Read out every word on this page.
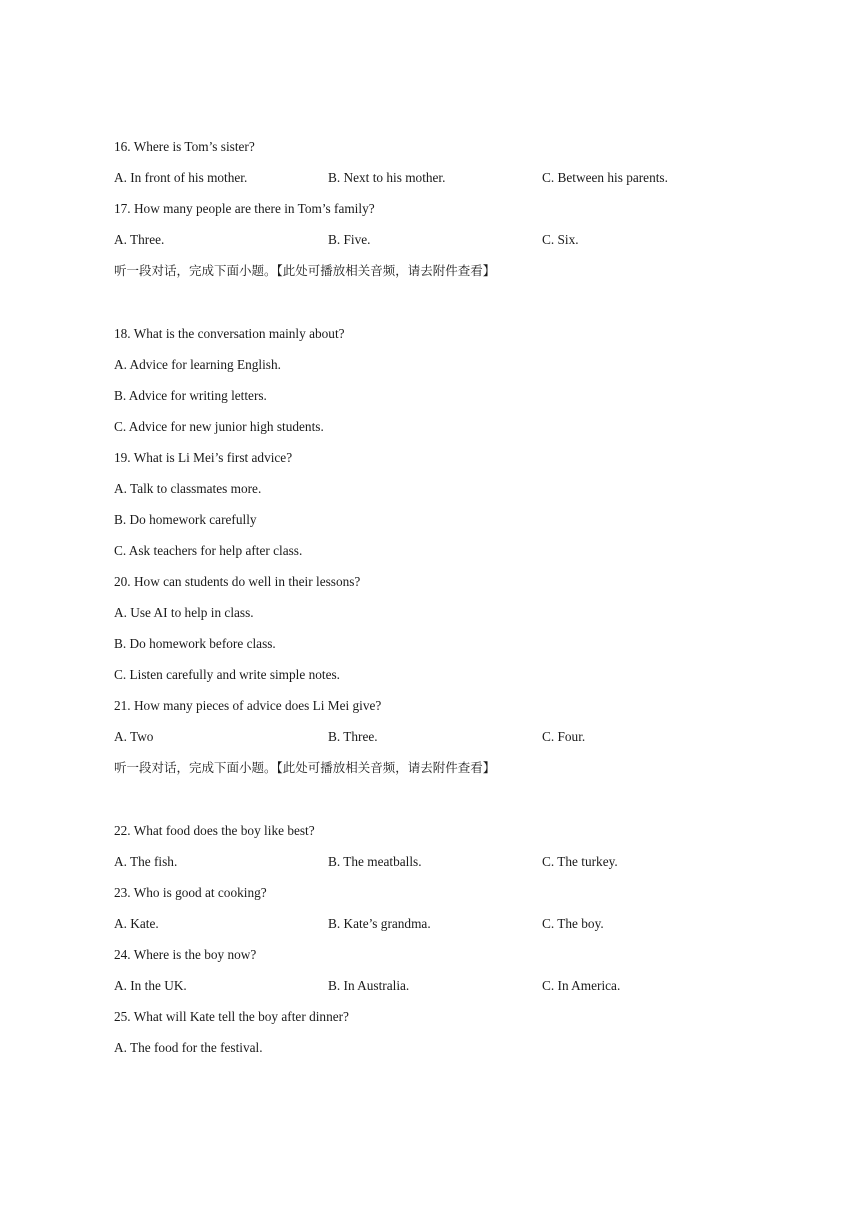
16. Where is Tom’s sister?
A. In front of his mother.	B. Next to his mother.	C. Between his parents.
17. How many people are there in Tom’s family?
A. Three.	B. Five.	C. Six.
听一段对话，完成下面小题。【此处可播放相关音频，请去附件查看】
18. What is the conversation mainly about?
A. Advice for learning English.
B. Advice for writing letters.
C. Advice for new junior high students.
19. What is Li Mei’s first advice?
A. Talk to classmates more.
B. Do homework carefully
C. Ask teachers for help after class.
20. How can students do well in their lessons?
A. Use AI to help in class.
B. Do homework before class.
C. Listen carefully and write simple notes.
21. How many pieces of advice does Li Mei give?
A. Two	B. Three.	C. Four.
听一段对话，完成下面小题。【此处可播放相关音频，请去附件查看】
22. What food does the boy like best?
A. The fish.	B. The meatballs.	C. The turkey.
23. Who is good at cooking?
A. Kate.	B. Kate’s grandma.	C. The boy.
24. Where is the boy now?
A. In the UK.	B. In Australia.	C. In America.
25. What will Kate tell the boy after dinner?
A. The food for the festival.
